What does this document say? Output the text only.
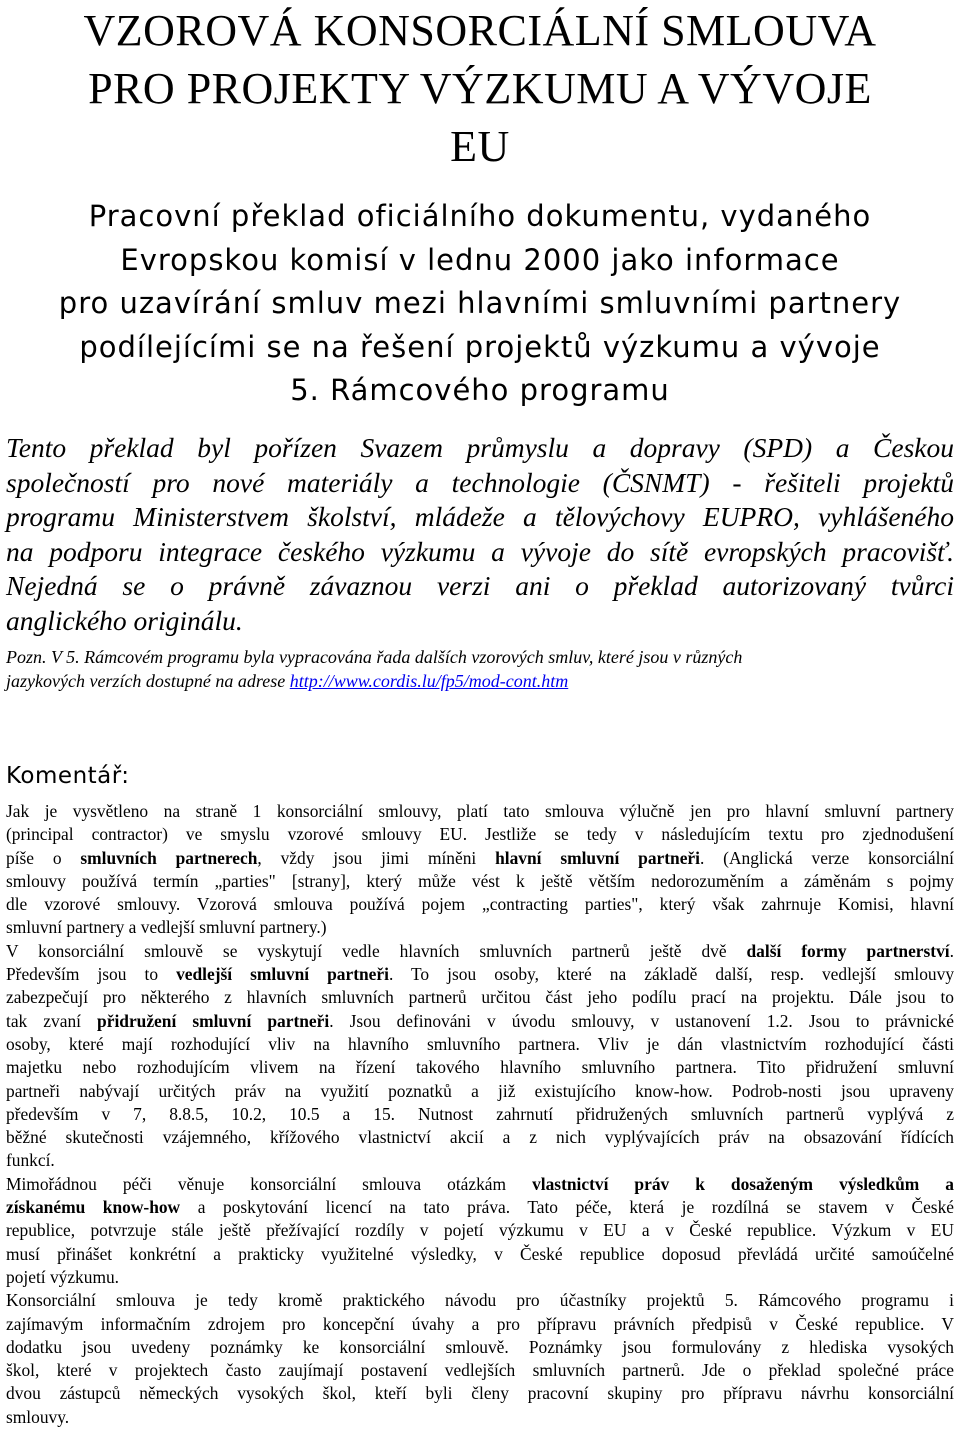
VZOROVÁ KONSORCIÁLNÍ SMLOUVA
PRO PROJEKTY VÝZKUMU A VÝVOJE
EU
Pracovní překlad oficiálního dokumentu, vydaného
Evropskou komisí v lednu 2000 jako informace
pro uzavírání smluv mezi hlavními smluvními partnery
podílejícími se na řešení projektů výzkumu a vývoje
5. Rámcového programu
Tento překlad byl pořízen Svazem průmyslu a dopravy (SPD) a Českou
společností pro nové materiály a technologie (ČSNMT) - řešiteli projektů
programu Ministerstvem školství, mládeže a tělovýchovy EUPRO, vyhlášeného
na podporu integrace českého výzkumu a vývoje do sítě evropských pracovišť.
Nejedná se o právně závaznou verzi ani o překlad autorizovaný tvůrci
anglického originálu.
Pozn. V 5. Rámcovém programu byla vypracována řada dalších vzorových smluv, které jsou v různých
jazykových verzích dostupné na adrese http://www.cordis.lu/fp5/mod-cont.htm
Komentář:
Jak je vysvětleno na straně 1 konsorciální smlouvy, platí tato smlouva výlučně jen pro hlavní smluvní partnery
(principal contractor) ve smyslu vzorové smlouvy EU. Jestliže se tedy v následujícím textu pro zjednodušení
píše o smluvních partnerech, vždy jsou jimi míněni hlavní smluvní partneři. (Anglická verze konsorciální
smlouvy používá termín „parties" [strany], který může vést k ještě větším nedorozuměním a záměnám s pojmy
dle vzorové smlouvy. Vzorová smlouva používá pojem „contracting parties", který však zahrnuje Komisi, hlavní
smluvní partnery a vedlejší smluvní partnery.)
V konsorciální smlouvě se vyskytují vedle hlavních smluvních partnerů ještě dvě další formy partnerství.
Především jsou to vedlejší smluvní partneři. To jsou osoby, které na základě další, resp. vedlejší smlouvy
zabezpečují pro některého z hlavních smluvních partnerů určitou část jeho podílu prací na projektu. Dále jsou to
tak zvaní přidružení smluvní partneři. Jsou definováni v úvodu smlouvy, v ustanovení 1.2. Jsou to právnické
osoby, které mají rozhodující vliv na hlavního smluvního partnera. Vliv je dán vlastnictvím rozhodující části
majetku nebo rozhodujícím vlivem na řízení takového hlavního smluvního partnera. Tito přidružení smluvní
partneři nabývají určitých práv na využití poznatků a již existujícího know-how. Podrob-nosti jsou upraveny
především v 7, 8.8.5, 10.2, 10.5 a 15. Nutnost zahrnutí přidružených smluvních partnerů vyplývá z
běžné skutečnosti vzájemného, křížového vlastnictví akcií a z nich vyplývajících práv na obsazování řídících
funkcí.
Mimořádnou péči věnuje konsorciální smlouva otázkám vlastnictví práv k dosaženým výsledkům a
získanému know-how a poskytování licencí na tato práva. Tato péče, která je rozdílná se stavem v České
republice, potvrzuje stále ještě přežívající rozdíly v pojetí výzkumu v EU a v České republice. Výzkum v EU
musí přinášet konkrétní a prakticky využitelné výsledky, v České republice doposud převládá určité samoúčelné
pojetí výzkumu.
Konsorciální smlouva je tedy kromě praktického návodu pro účastníky projektů 5. Rámcového programu i
zajímavým informačním zdrojem pro koncepční úvahy a pro přípravu právních předpisů v České republice. V
dodatku jsou uvedeny poznámky ke konsorciální smlouvě. Poznámky jsou formulovány z hlediska vysokých
škol, které v projektech často zaujímají postavení vedlejších smluvních partnerů. Jde o překlad společné práce
dvou zástupců německých vysokých škol, kteří byli členy pracovní skupiny pro přípravu návrhu konsorciální
smlouvy.
